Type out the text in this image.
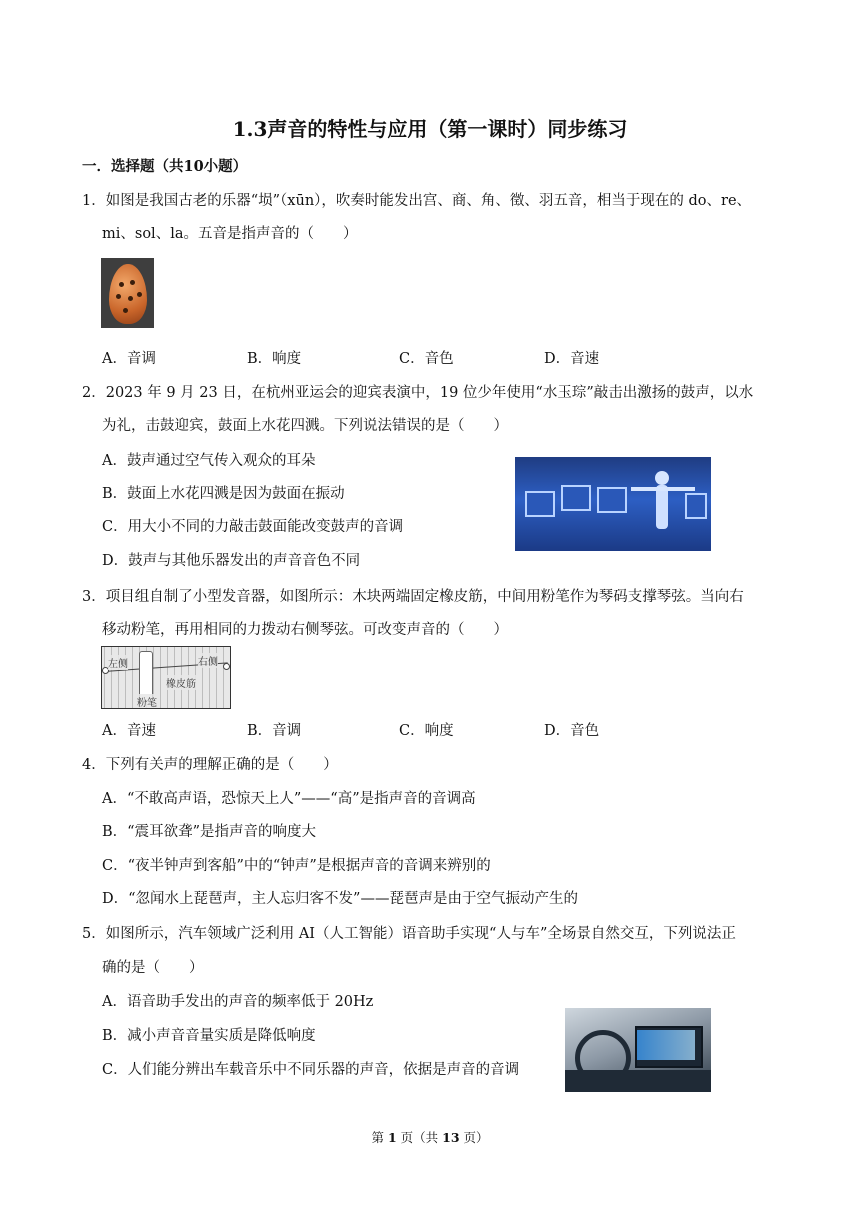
1.3声音的特性与应用（第一课时）同步练习
一．选择题（共10小题）
1．如图是我国古老的乐器“埙”（xūn），吹奏时能发出宫、商、角、徵、羽五音，相当于现在的 do、re、
mi、sol、la。五音是指声音的（　　）
A．音调	B．响度	C．音色	D．音速
2．2023 年 9 月 23 日，在杭州亚运会的迎宾表演中，19 位少年使用“水玉琮”敲击出激扬的鼓声，以水
为礼，击鼓迎宾，鼓面上水花四溅。下列说法错误的是（　　）
A．鼓声通过空气传入观众的耳朵
B．鼓面上水花四溅是因为鼓面在振动
C．用大小不同的力敲击鼓面能改变鼓声的音调
D．鼓声与其他乐器发出的声音音色不同
3．项目组自制了小型发音器，如图所示：木块两端固定橡皮筋，中间用粉笔作为琴码支撑琴弦。当向右
移动粉笔，再用相同的力拨动右侧琴弦。可改变声音的（　　）
左侧	右侧
橡皮筋
粉笔
A．音速	B．音调	C．响度	D．音色
4．下列有关声的理解正确的是（　　）
A．“不敢高声语，恐惊天上人”——“高”是指声音的音调高
B．“震耳欲聋”是指声音的响度大
C．“夜半钟声到客船”中的“钟声”是根据声音的音调来辨别的
D．“忽闻水上琵琶声，主人忘归客不发”——琵琶声是由于空气振动产生的
5．如图所示，汽车领域广泛利用 AI（人工智能）语音助手实现“人与车”全场景自然交互，下列说法正
确的是（　　）
A．语音助手发出的声音的频率低于 20Hz
B．减小声音音量实质是降低响度
C．人们能分辨出车载音乐中不同乐器的声音，依据是声音的音调
第 1 页（共 13 页）
